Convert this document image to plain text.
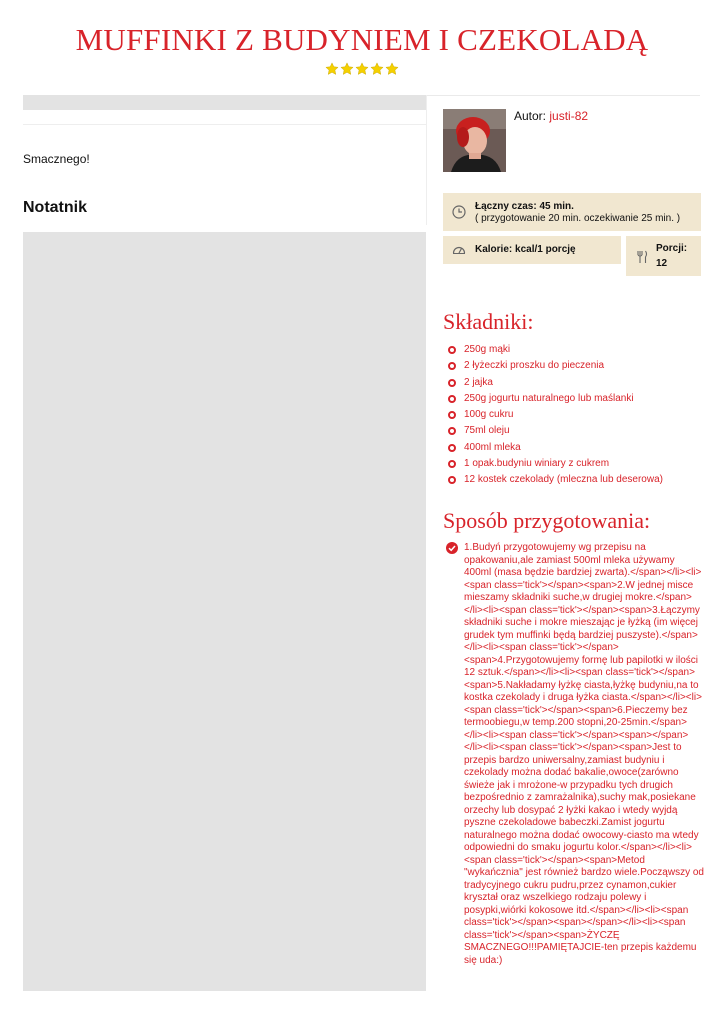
MUFFINKI Z BUDYNIEM I CZEKOLADĄ
Smacznego!
Notatnik
Autor: justi-82
Łączny czas: 45 min.
( przygotowanie 20 min. oczekiwanie 25 min. )
Kalorie: kcal/1 porcję	Porcji:
12
Składniki:
250g mąki
2 łyżeczki proszku do pieczenia
2 jajka
250g jogurtu naturalnego lub maślanki
100g cukru
75ml oleju
400ml mleka
1 opak.budyniu winiary z cukrem
12 kostek czekolady (mleczna lub deserowa)
Sposób przygotowania:

1.Budyń przygotowujemy wg przepisu na opakowaniu,ale zamiast 500ml mleka używamy 400ml (masa będzie bardziej zwarta).</span></li><li><span class='tick'></span><span>2.W jednej misce mieszamy składniki suche,w drugiej mokre.</span></li><li><span class='tick'></span><span>3.Łączymy składniki suche i mokre mieszając je łyżką (im więcej grudek tym muffinki będą bardziej puszyste).</span></li><li><span class='tick'></span><span>4.Przygotowujemy formę lub papilotki w ilości 12 sztuk.</span></li><li><span class='tick'></span><span>5.Nakładamy łyżkę ciasta,łyżkę budyniu,na to kostka czekolady i druga łyżka ciasta.</span></li><li><span class='tick'></span><span>6.Pieczemy bez termoobiegu,w temp.200 stopni,20-25min.</span></li><li><span class='tick'></span><span></span></li><li><span class='tick'></span><span>Jest to przepis bardzo uniwersalny,zamiast budyniu i czekolady można dodać bakalie,owoce(zarówno świeże jak i mrożone-w przypadku tych drugich bezpośrednio z zamrażalnika),suchy mak,posiekane orzechy lub dosypać 2 łyżki kakao i wtedy wyjdą pyszne czekoladowe babeczki.Zamist jogurtu naturalnego można dodać owocowy-ciasto ma wtedy odpowiedni do smaku jogurtu kolor.</span></li><li><span class='tick'></span><span>Metod "wykańcznia" jest również bardzo wiele.Począwszy od tradycyjnego cukru pudru,przez cynamon,cukier kryształ oraz wszelkiego rodzaju polewy i posypki,wiórki kokosowe itd.</span></li><li><span class='tick'></span><span></span></li><li><span class='tick'></span><span>ŻYCZĘ SMACZNEGO!!!PAMIĘTAJCIE-ten przepis każdemu się uda:)
